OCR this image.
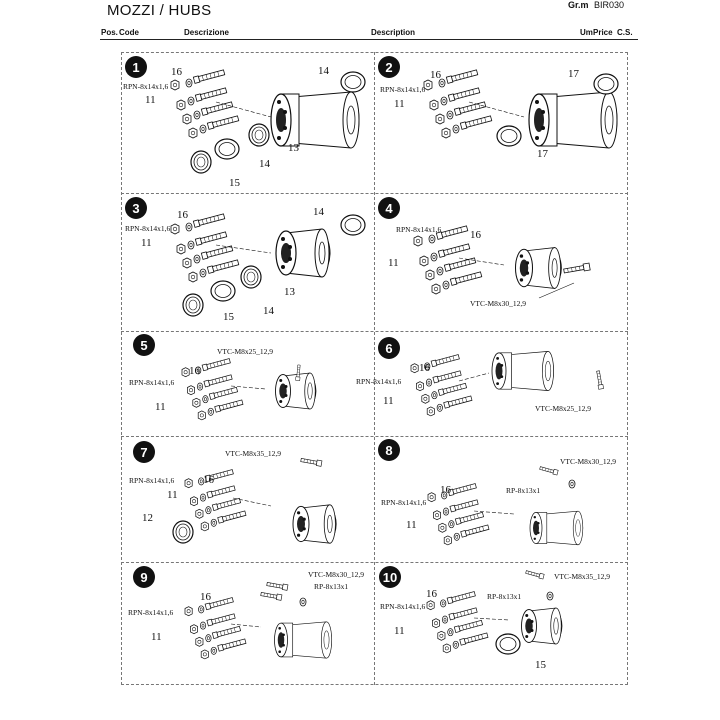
MOZZI / HUBS	Gr.m BIR030
Pos. Code	Descrizione	Description	Um Price C.S.
1	16
RPN-8x14x1,6
11
14
13
14
15
2
16
RPN-8x14x1,6
11
17
17
3	16
RPN-8x14x1,6
11
14
13
14
15
4
RPN-8x14x1,6	16
11
VTC-M8x30_12,9
5	VTC-M8x25_12,9
16
RPN-8x14x1,6
11
6
16
RPN-8x14x1,6
11
VTC-M8x25_12,9
7	VTC-M8x35_12,9
RPN-8x14x1,6	16
11
12
8
VTC-M8x30_12,9
RP-8x13x1
16
RPN-8x14x1,6
11
9	VTC-M8x30_12,9
RP-8x13x1
16
RPN-8x14x1,6
11
10	VTC-M8x35_12,9
RP-8x13x1
16
RPN-8x14x1,6
11
15
